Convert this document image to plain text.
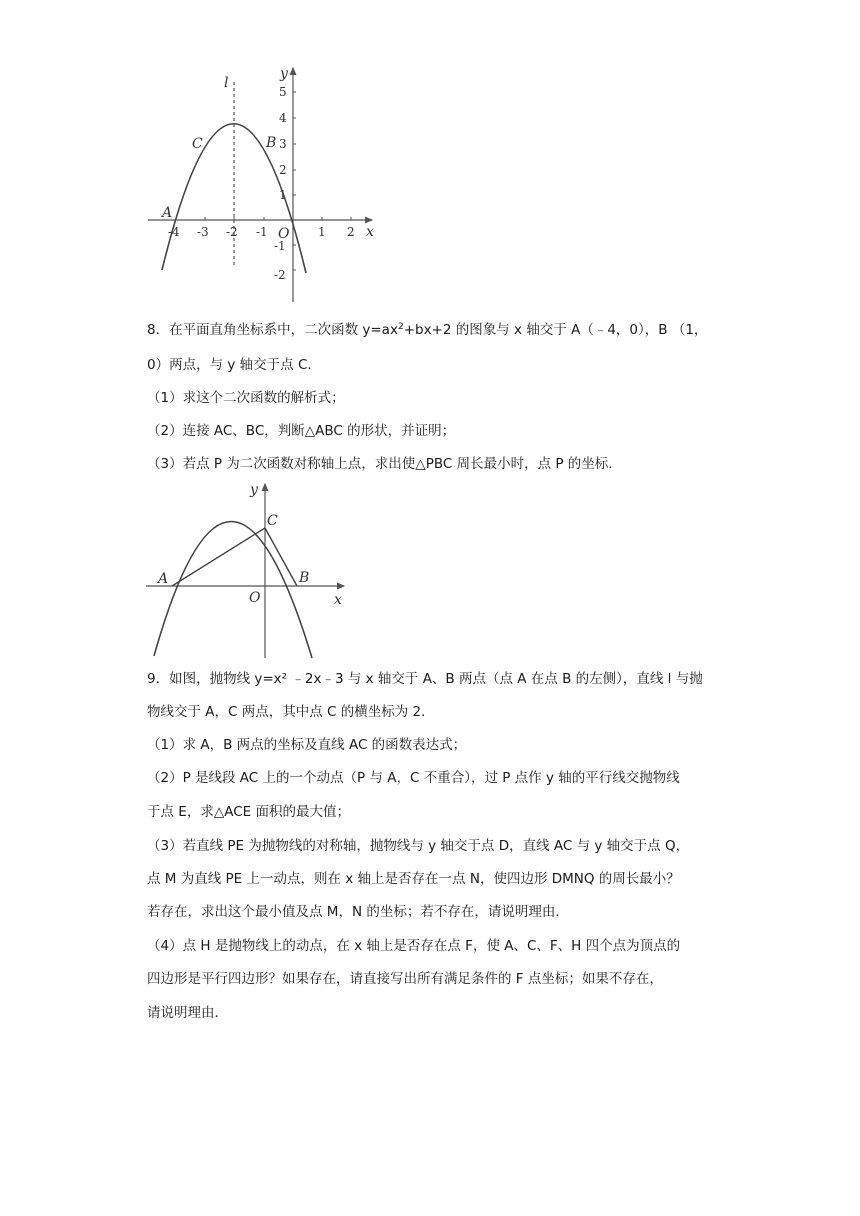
5
4
3
2
1
-1
-2
-4 -3 -2 -1	1 2
l
y
x
O
A
B
C
8．在平面直角坐标系中，二次函数 $y=ax^2+bx+2$ 的图象与 x 轴交于 A（﹣4，0），B （1，
0）两点，与 y 轴交于点 C．
（1）求这个二次函数的解析式；
（2）连接 AC、BC，判断△ABC 的形状，并证明；
（3）若点 P 为二次函数对称轴上点，求出使△PBC 周长最小时，点 P 的坐标．
y
x
O
A	B
C
9．如图，抛物线 y=x² ﹣2x﹣3 与 x 轴交于 A、B 两点（点 A 在点 B 的左侧），直线 l 与抛
物线交于 A，C 两点，其中点 C 的横坐标为 2．
（1）求 A，B 两点的坐标及直线 AC 的函数表达式；
（2）P 是线段 AC 上的一个动点（P 与 A，C 不重合），过 P 点作 y 轴的平行线交抛物线
于点 E，求△ACE 面积的最大值；
（3）若直线 PE 为抛物线的对称轴，抛物线与 y 轴交于点 D，直线 AC 与 y 轴交于点 Q，
点 M 为直线 PE 上一动点，则在 x 轴上是否存在一点 N，使四边形 DMNQ 的周长最小？
若存在，求出这个最小值及点 M，N 的坐标；若不存在，请说明理由．
（4）点 H 是抛物线上的动点，在 x 轴上是否存在点 F，使 A、C、F、H 四个点为顶点的
四边形是平行四边形？如果存在，请直接写出所有满足条件的 F 点坐标；如果不存在，
请说明理由．
